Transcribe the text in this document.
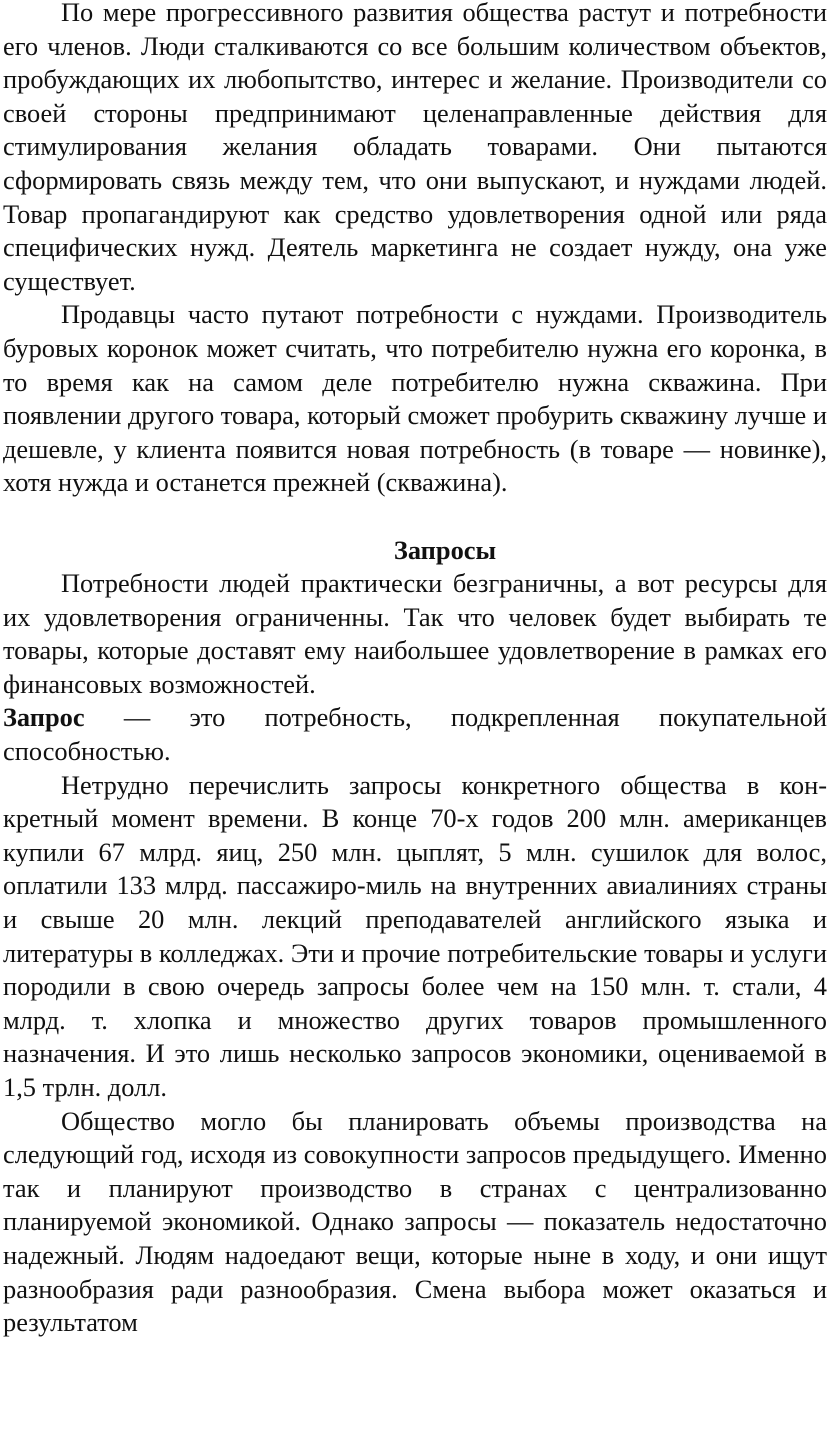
По мере прогрессивного развития общества растут и потребности его членов. Люди сталкиваются со все большим количеством объектов, пробуждающих их любопытство, интерес и желание. Производители со своей стороны предпринимают целенаправленные действия для стимулирования желания обладать товарами. Они пытаются сформировать связь между тем, что они выпускают, и нуждами людей. Товар пропагандируют как средство удовлетворения одной или ряда специфических нужд. Деятель маркетинга не создает нужду, она уже существует.

Продавцы часто путают потребности с нуждами. Производитель буровых коронок может считать, что потребителю нужна его коронка, в то время как на самом деле потребителю нужна скважина. При появлении другого товара, который сможет пробурить скважину лучше и дешевле, у клиента появится новая потребность (в товаре — новинке), хотя нужда и останется прежней (скважина).

Запросы

Потребности людей практически безграничны, а вот ресурсы для их удовлетворения ограниченны. Так что человек будет выбирать те товары, которые доставят ему наибольшее удовлетворение в рамках его финансовых возможностей.

Запрос — это потребность, подкрепленная покупательной способностью.

Нетрудно перечислить запросы конкретного общества в конкретный момент времени. В конце 70-х годов 200 млн. американцев купили 67 млрд. яиц, 250 млн. цыплят, 5 млн. сушилок для волос, оплатили 133 млрд. пассажиро-миль на внутренних авиалиниях страны и свыше 20 млн. лекций преподавателей английского языка и литературы в колледжах. Эти и прочие потребительские товары и услуги породили в свою очередь запросы более чем на 150 млн. т. стали, 4 млрд. т. хлопка и множество других товаров промышленного назначения. И это лишь несколько запросов экономики, оцениваемой в 1,5 трлн. долл.

Общество могло бы планировать объемы производства на следующий год, исходя из совокупности запросов предыдущего. Именно так и планируют производство в странах с централизованно планируемой экономикой. Однако запросы — показатель недостаточно надежный. Людям надоедают вещи, которые ныне в ходу, и они ищут разнообразия ради разнообразия. Смена выбора может оказаться и результатом
